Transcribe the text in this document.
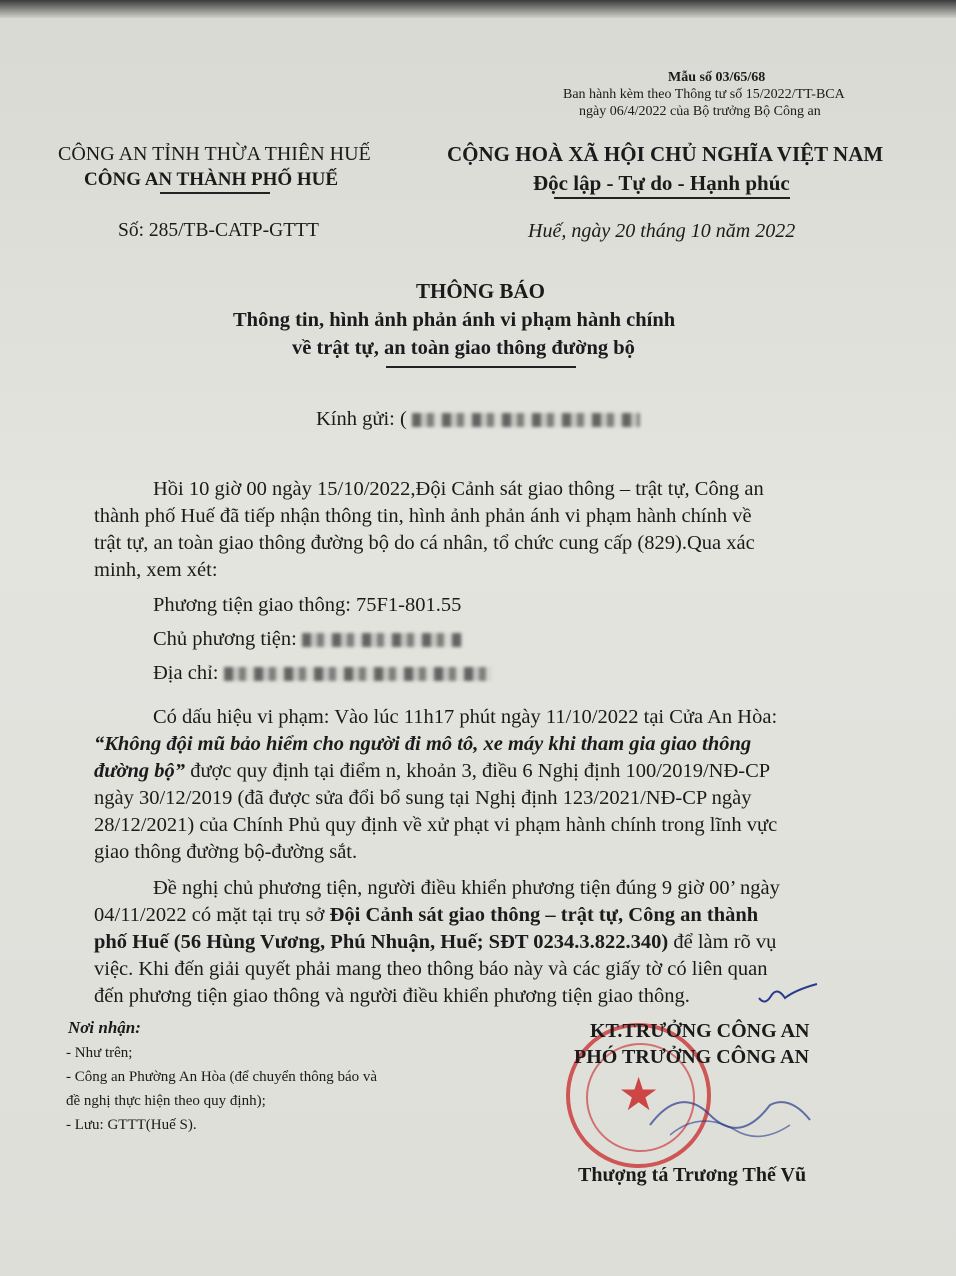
Mẫu số 03/65/68
Ban hành kèm theo Thông tư số 15/2022/TT-BCA
ngày 06/4/2022 của Bộ trưởng Bộ Công an
CÔNG AN TỈNH THỪA THIÊN HUẾ
CÔNG AN THÀNH PHỐ HUẾ
Số: 285/TB-CATP-GTTT
CỘNG HOÀ XÃ HỘI CHỦ NGHĨA VIỆT NAM
Độc lập - Tự do - Hạnh phúc
Huế, ngày 20 tháng 10 năm 2022
THÔNG BÁO
Thông tin, hình ảnh phản ánh vi phạm hành chính
về trật tự, an toàn giao thông đường bộ
Kính gửi: (
Hồi 10 giờ 00 ngày 15/10/2022,Đội Cảnh sát giao thông – trật tự, Công an
thành phố Huế đã tiếp nhận thông tin, hình ảnh phản ánh vi phạm hành chính về
trật tự, an toàn giao thông đường bộ do cá nhân, tổ chức cung cấp (829).Qua xác
minh, xem xét:
Phương tiện giao thông: 75F1-801.55
Chủ phương tiện:
Địa chỉ:
Có dấu hiệu vi phạm: Vào lúc 11h17 phút ngày 11/10/2022 tại Cửa An Hòa:
“Không đội mũ bảo hiểm cho người đi mô tô, xe máy khi tham gia giao thông
đường bộ” được quy định tại điểm n, khoản 3, điều 6 Nghị định 100/2019/NĐ-CP
ngày 30/12/2019 (đã được sửa đổi bổ sung tại Nghị định 123/2021/NĐ-CP ngày
28/12/2021) của Chính Phủ quy định về xử phạt vi phạm hành chính trong lĩnh vực
giao thông đường bộ-đường sắt.
Đề nghị chủ phương tiện, người điều khiển phương tiện đúng 9 giờ 00’ ngày
04/11/2022 có mặt tại trụ sở Đội Cảnh sát giao thông – trật tự, Công an thành
phố Huế (56 Hùng Vương, Phú Nhuận, Huế; SĐT 0234.3.822.340) để làm rõ vụ
việc. Khi đến giải quyết phải mang theo thông báo này và các giấy tờ có liên quan
đến phương tiện giao thông và người điều khiển phương tiện giao thông.
Nơi nhận:
- Như trên;
- Công an Phường An Hòa (để chuyển thông báo và
đề nghị thực hiện theo quy định);
- Lưu: GTTT(Huế S).
★
KT.TRƯỞNG CÔNG AN
PHÓ TRƯỞNG CÔNG AN
Thượng tá Trương Thế Vũ
